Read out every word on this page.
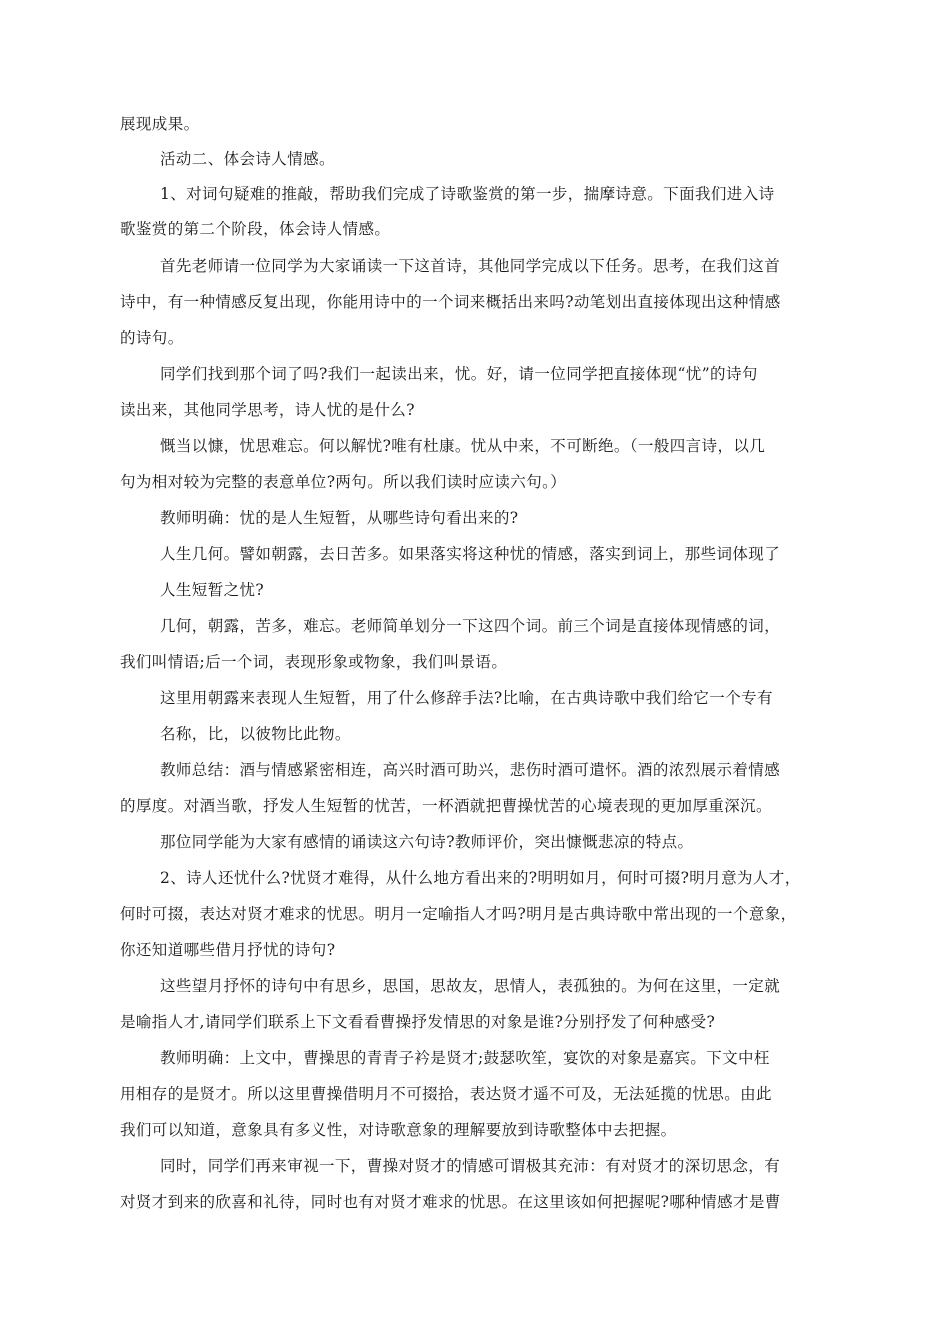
展现成果。
活动二、体会诗人情感。
1、对词句疑难的推敲，帮助我们完成了诗歌鉴赏的第一步，揣摩诗意。下面我们进入诗
歌鉴赏的第二个阶段，体会诗人情感。
首先老师请一位同学为大家诵读一下这首诗，其他同学完成以下任务。思考，在我们这首
诗中，有一种情感反复出现，你能用诗中的一个词来概括出来吗?动笔划出直接体现出这种情感
的诗句。
同学们找到那个词了吗?我们一起读出来，忧。好，请一位同学把直接体现“忧”的诗句
读出来，其他同学思考，诗人忧的是什么?
慨当以慷，忧思难忘。何以解忧?唯有杜康。忧从中来，不可断绝。（一般四言诗，以几
句为相对较为完整的表意单位?两句。所以我们读时应读六句。）
教师明确：忧的是人生短暂，从哪些诗句看出来的?
人生几何。譬如朝露，去日苦多。如果落实将这种忧的情感，落实到词上，那些词体现了
人生短暂之忧?
几何，朝露，苦多，难忘。老师简单划分一下这四个词。前三个词是直接体现情感的词，
我们叫情语;后一个词，表现形象或物象，我们叫景语。
这里用朝露来表现人生短暂，用了什么修辞手法?比喻，在古典诗歌中我们给它一个专有
名称，比，以彼物比此物。
教师总结：酒与情感紧密相连，高兴时酒可助兴，悲伤时酒可遣怀。酒的浓烈展示着情感
的厚度。对酒当歌，抒发人生短暂的忧苦，一杯酒就把曹操忧苦的心境表现的更加厚重深沉。
那位同学能为大家有感情的诵读这六句诗?教师评价，突出慷慨悲凉的特点。
2、诗人还忧什么?忧贤才难得，从什么地方看出来的?明明如月，何时可掇?明月意为人才，
何时可掇，表达对贤才难求的忧思。明月一定喻指人才吗?明月是古典诗歌中常出现的一个意象，
你还知道哪些借月抒忧的诗句?
这些望月抒怀的诗句中有思乡，思国，思故友，思情人，表孤独的。为何在这里，一定就
是喻指人才,请同学们联系上下文看看曹操抒发情思的对象是谁?分别抒发了何种感受?
教师明确：上文中，曹操思的青青子衿是贤才;鼓瑟吹笙，宴饮的对象是嘉宾。下文中枉
用相存的是贤才。所以这里曹操借明月不可掇拾，表达贤才遥不可及，无法延揽的忧思。由此
我们可以知道，意象具有多义性，对诗歌意象的理解要放到诗歌整体中去把握。
同时，同学们再来审视一下，曹操对贤才的情感可谓极其充沛：有对贤才的深切思念，有
对贤才到来的欣喜和礼待，同时也有对贤才难求的忧思。在这里该如何把握呢?哪种情感才是曹
